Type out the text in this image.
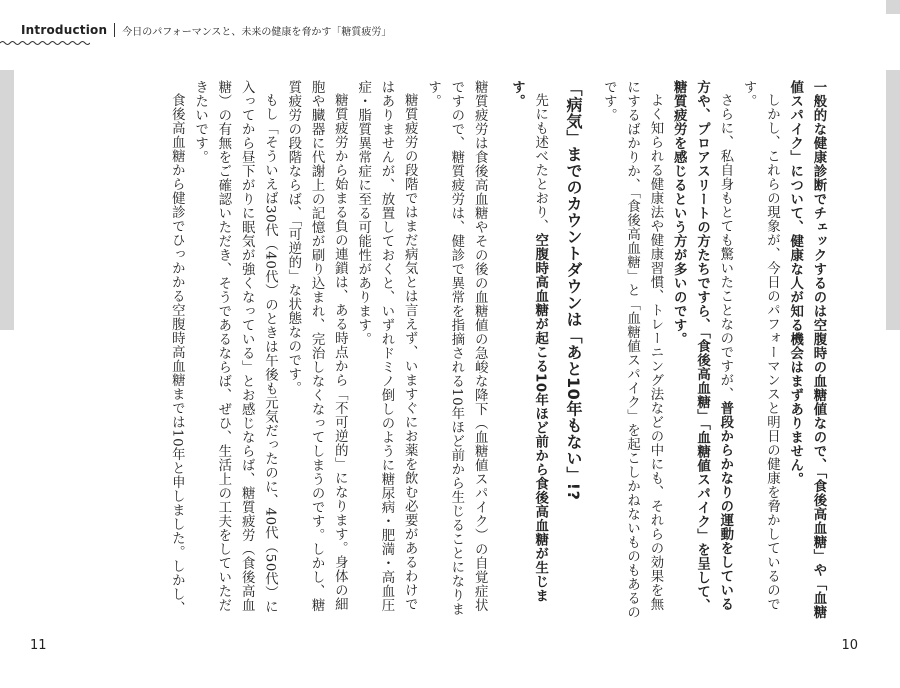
Introduction 今日のパフォーマンスと、未来の健康を脅かす「糖質疲労」

一般的な健康診断でチェックするのは空腹時の血糖値なので、「食後高血糖」や「血糖値スパイク」について、健康な人が知る機会はまずありません。

しかし、これらの現象が、今日のパフォーマンスと明日の健康を脅かしているのです。

さらに、私自身もとても驚いたことなのですが、普段からかなりの運動をしている方や、プロアスリートの方たちですら、「食後高血糖」「血糖値スパイク」を呈して、糖質疲労を感じるという方が多いのです。

よく知られる健康法や健康習慣、トレーニング法などの中にも、それらの効果を無にするばかりか、「食後高血糖」と「血糖値スパイク」を起こしかねないものもあるのです。

「病気」までのカウントダウンは「あと10年もない」!?

先にも述べたとおり、空腹時高血糖が起こる10年ほど前から食後高血糖が生じます。

糖質疲労は食後高血糖やその後の血糖値の急峻な降下（血糖値スパイク）の自覚症状ですので、糖質疲労は、健診で異常を指摘される10年ほど前から生じることになります。

糖質疲労の段階ではまだ病気とは言えず、いますぐにお薬を飲む必要があるわけではありませんが、放置しておくと、いずれドミノ倒しのように糖尿病・肥満・高血圧症・脂質異常症に至る可能性があります。

糖質疲労から始まる負の連鎖は、ある時点から「不可逆的」になります。身体の細胞や臓器に代謝上の記憶が刷り込まれ、完治しなくなってしまうのです。しかし、糖質疲労の段階ならば、「可逆的」な状態なのです。

もし「そういえば30代（40代）のときは午後も元気だったのに、40代（50代）に入ってから昼下がりに眠気が強くなっている」とお感じならば、糖質疲労（食後高血糖）の有無をご確認いただき、そうであるならば、ぜひ、生活上の工夫をしていただきたいです。

食後高血糖から健診でひっかかる空腹時高血糖までは10年と申しました。しかし、

11	10
